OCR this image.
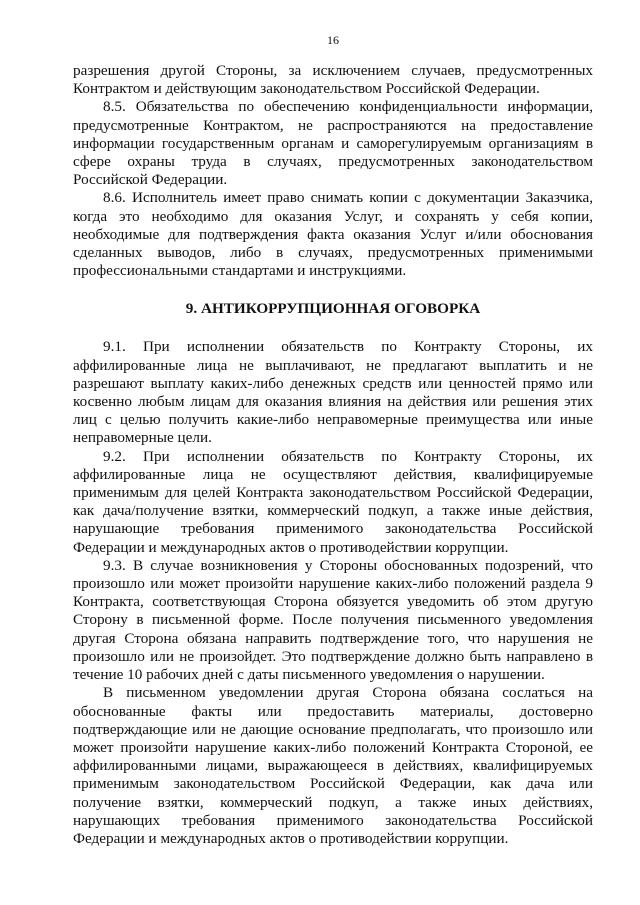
16

разрешения другой Стороны, за исключением случаев, предусмотренных Контрактом и действующим законодательством Российской Федерации.

8.5. Обязательства по обеспечению конфиденциальности информации, предусмотренные Контрактом, не распространяются на предоставление информации государственным органам и саморегулируемым организациям в сфере охраны труда в случаях, предусмотренных законодательством Российской Федерации.

8.6. Исполнитель имеет право снимать копии с документации Заказчика, когда это необходимо для оказания Услуг, и сохранять у себя копии, необходимые для подтверждения факта оказания Услуг и/или обоснования сделанных выводов, либо в случаях, предусмотренных применимыми профессиональными стандартами и инструкциями.

9. АНТИКОРРУПЦИОННАЯ ОГОВОРКА

9.1. При исполнении обязательств по Контракту Стороны, их аффилированные лица не выплачивают, не предлагают выплатить и не разрешают выплату каких-либо денежных средств или ценностей прямо или косвенно любым лицам для оказания влияния на действия или решения этих лиц с целью получить какие-либо неправомерные преимущества или иные неправомерные цели.

9.2. При исполнении обязательств по Контракту Стороны, их аффилированные лица не осуществляют действия, квалифицируемые применимым для целей Контракта законодательством Российской Федерации, как дача/получение взятки, коммерческий подкуп, а также иные действия, нарушающие требования применимого законодательства Российской Федерации и международных актов о противодействии коррупции.

9.3. В случае возникновения у Стороны обоснованных подозрений, что произошло или может произойти нарушение каких-либо положений раздела 9 Контракта, соответствующая Сторона обязуется уведомить об этом другую Сторону в письменной форме. После получения письменного уведомления другая Сторона обязана направить подтверждение того, что нарушения не произошло или не произойдет. Это подтверждение должно быть направлено в течение 10 рабочих дней с даты письменного уведомления о нарушении.

В письменном уведомлении другая Сторона обязана сослаться на обоснованные факты или предоставить материалы, достоверно подтверждающие или не дающие основание предполагать, что произошло или может произойти нарушение каких-либо положений Контракта Стороной, ее аффилированными лицами, выражающееся в действиях, квалифицируемых применимым законодательством Российской Федерации, как дача или получение взятки, коммерческий подкуп, а также иных действиях, нарушающих требования применимого законодательства Российской Федерации и международных актов о противодействии коррупции.
